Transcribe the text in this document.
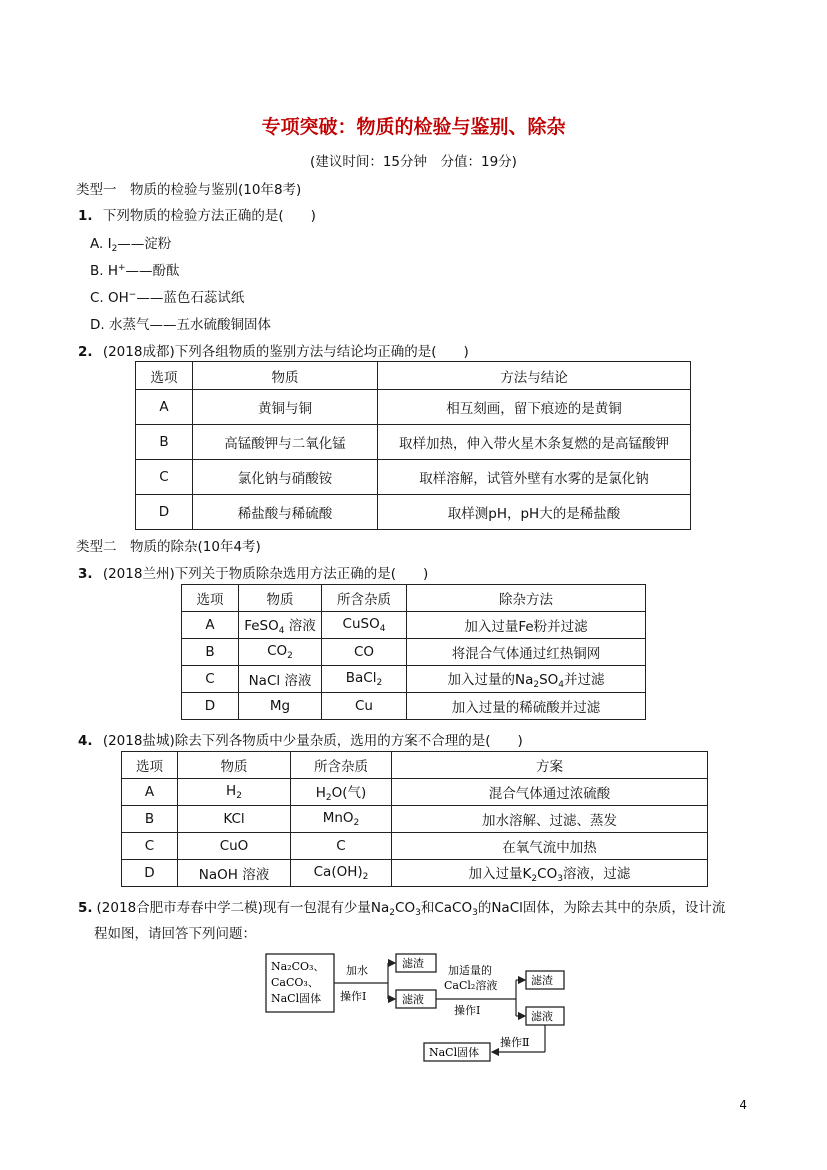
专项突破：物质的检验与鉴别、除杂
(建议时间：15分钟　分值：19分)
类型一　物质的检验与鉴别(10年8考)
1. 下列物质的检验方法正确的是(　　)
A. $I_2——$淀粉
B. H+——酚酞
C. OH−——蓝色石蕊试纸
D. 水蒸气——五水硫酸铜固体
2. (2018成都)下列各组物质的鉴别方法与结论均正确的是(　　)
选项	物质	方法与结论
A	黄铜与铜	相互刻画，留下痕迹的是黄铜
B	高锰酸钾与二氧化锰	取样加热，伸入带火星木条复燃的是高锰酸钾
C	氯化钠与硝酸铵	取样溶解，试管外壁有水雾的是氯化钠
D	稀盐酸与稀硫酸	取样测pH，pH大的是稀盐酸
类型二　物质的除杂(10年4考)
3. (2018兰州)下列关于物质除杂选用方法正确的是(　　)
选项	物质	所含杂质	除杂方法
A	FeSO$_4$ 溶液	CuSO$_4$	加入过量Fe粉并过滤
B	$CO_2$	CO	将混合气体通过红热铜网
C	NaCl 溶液	BaCl$_2$	加入过量的$Na_2SO_4$并过滤
D	Mg	Cu	加入过量的稀硫酸并过滤
4. (2018盐城)除去下列各物质中少量杂质，选用的方案不合理的是(　　)
选项	物质	所含杂质	方案
A	$H_2$	$H_2O$(气)	混合气体通过浓硫酸
B	KCl	MnO$_2$	加水溶解、过滤、蒸发
C	CuO	C	在氧气流中加热
D	NaOH 溶液	$Ca(OH)_2$	加入过量$K_2CO_3$溶液，过滤
5. (2018合肥市寿春中学二模)现有一包混有少量$Na_2CO_3$和CaCO$_3$的NaCl固体，为除去其中的杂质，设计流
程如图，请回答下列问题：
Na₂CO₃、
CaCO₃、
NaCl固体
加水
操作Ⅰ
滤渣
滤液
加适量的
CaCl₂溶液
操作Ⅰ
滤渣
滤液
操作Ⅱ
NaCl固体
4
